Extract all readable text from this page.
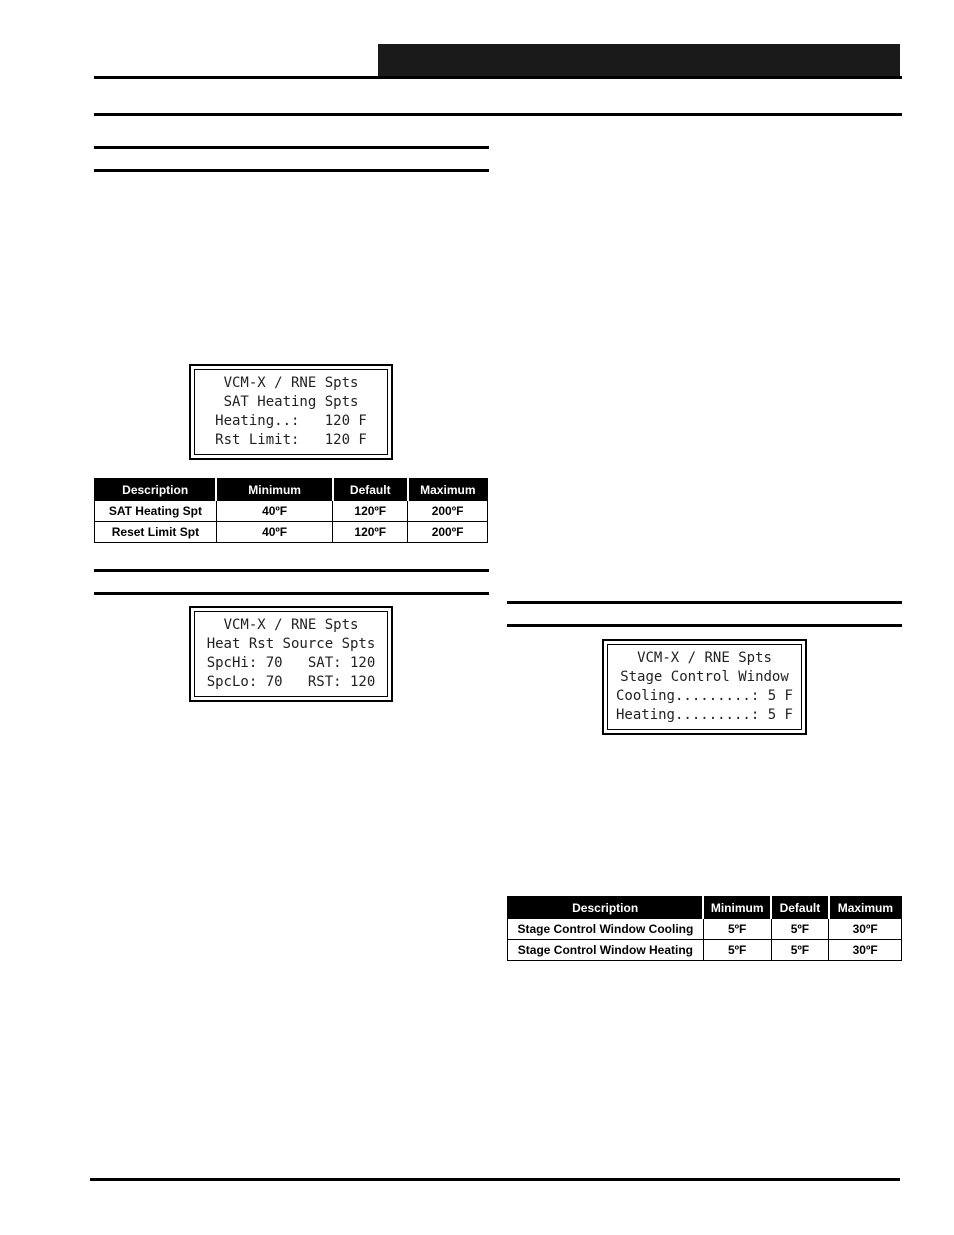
VCM-X / RNE Spts
SAT Heating Spts
Heating..:   120 F
Rst Limit:   120 F
Description	Minimum	Default	Maximum
SAT Heating Spt	40ºF	120ºF	200ºF
Reset Limit Spt	40ºF	120ºF	200ºF
VCM-X / RNE Spts
Heat Rst Source Spts
SpcHi: 70   SAT: 120
SpcLo: 70   RST: 120
VCM-X / RNE Spts
Stage Control Window
Cooling.........: 5 F
Heating.........: 5 F
Description	Minimum	Default	Maximum
Stage Control Window Cooling	5ºF	5ºF	30ºF
Stage Control Window Heating	5ºF	5ºF	30ºF
